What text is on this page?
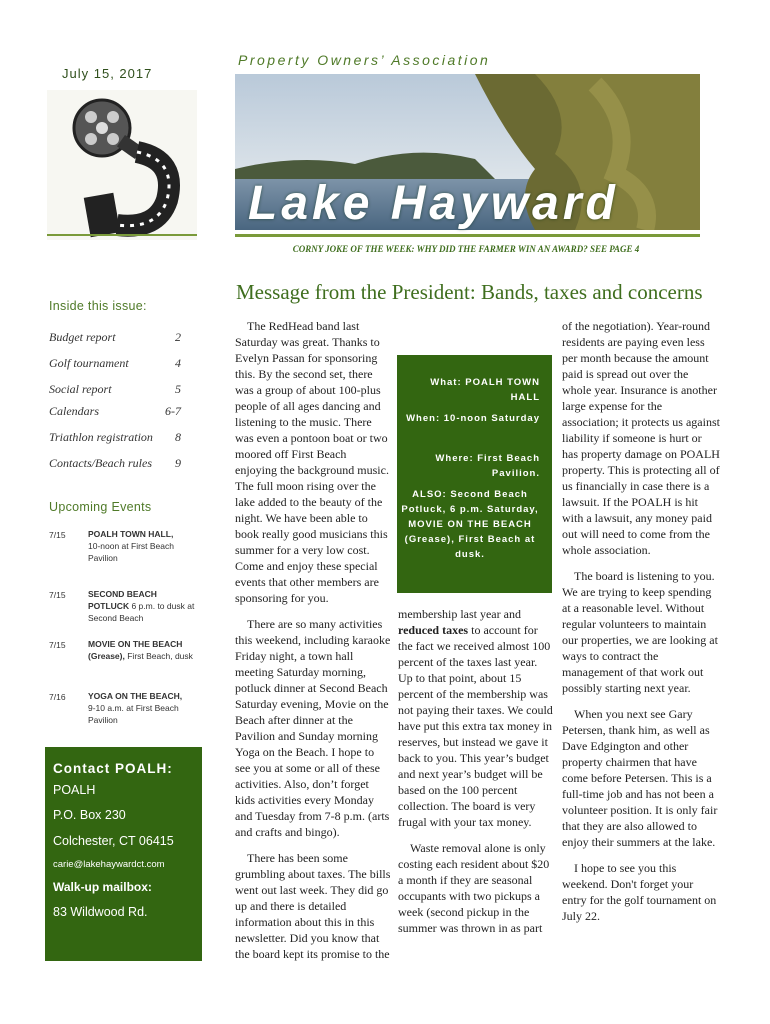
July 15, 2017
Property Owners’ Association
Lake Hayward
CORNY JOKE OF THE WEEK: WHY DID THE FARMER WIN AN AWARD? SEE PAGE 4
Message from the President: Bands, taxes and concerns
Inside this issue:
Budget report	2
Golf tournament	4
Social report	5
Calendars	6-7
Triathlon registration 8
Contacts/Beach rules 9
Upcoming Events
7/15	POALH TOWN HALL,
10-noon at First Beach Pavilion
7/15	SECOND BEACH POTLUCK 6 p.m. to dusk at Second Beach
7/15	MOVIE ON THE BEACH (Grease), First Beach, dusk
7/16	YOGA ON THE BEACH,
9-10 a.m. at First Beach Pavilion
Contact POALH:
POALH
P.O. Box 230
Colchester, CT 06415
carie@lakehaywardct.com
Walk-up mailbox:
83 Wildwood Rd.

The RedHead band last Saturday was great. Thanks to Evelyn Passan for sponsoring this. By the second set, there was a group of about 100-plus people of all ages dancing and listening to the music. There was even a pontoon boat or two moored off First Beach enjoying the background music. The full moon rising over the lake added to the beauty of the night. We have been able to book really good musicians this summer for a very low cost. Come and enjoy these special events that other members are sponsoring for you.

There are so many activities this weekend, including karaoke Friday night, a town hall meeting Saturday morning, potluck dinner at Second Beach Saturday evening, Movie on the Beach after dinner at the Pavilion and Sunday morning Yoga on the Beach. I hope to see you at some or all of these activities. Also, don’t forget kids activities every Monday and Tuesday from 7-8 p.m. (arts and crafts and bingo).

There has been some grumbling about taxes. The bills went out last week. They did go up and there is detailed information about this in this newsletter. Did you know that the board kept its promise to the

What: POALH TOWN HALL
When: 10-noon Saturday
Where: First Beach Pavilion.
ALSO: Second Beach Potluck, 6 p.m. Saturday, MOVIE ON THE BEACH (Grease), First Beach at dusk.

membership last year and reduced taxes to account for the fact we received almost 100 percent of the taxes last year. Up to that point, about 15 percent of the membership was not paying their taxes. We could have put this extra tax money in reserves, but instead we gave it back to you. This year’s budget and next year’s budget will be based on the 100 percent collection. The board is very frugal with your tax money.

Waste removal alone is only costing each resident about $20 a month if they are seasonal occupants with two pickups a week (second pickup in the summer was thrown in as part

of the negotiation). Year-round residents are paying even less per month because the amount paid is spread out over the whole year. Insurance is another large expense for the association; it protects us against liability if someone is hurt or has property damage on POALH property. This is protecting all of us financially in case there is a lawsuit. If the POALH is hit with a lawsuit, any money paid out will need to come from the whole association.

The board is listening to you. We are trying to keep spending at a reasonable level. Without regular volunteers to maintain our properties, we are looking at ways to contract the management of that work out possibly starting next year.

When you next see Gary Petersen, thank him, as well as Dave Edgington and other property chairmen that have come before Petersen. This is a full-time job and has not been a volunteer position. It is only fair that they are also allowed to enjoy their summers at the lake.

I hope to see you this weekend. Don't forget your entry for the golf tournament on July 22.
